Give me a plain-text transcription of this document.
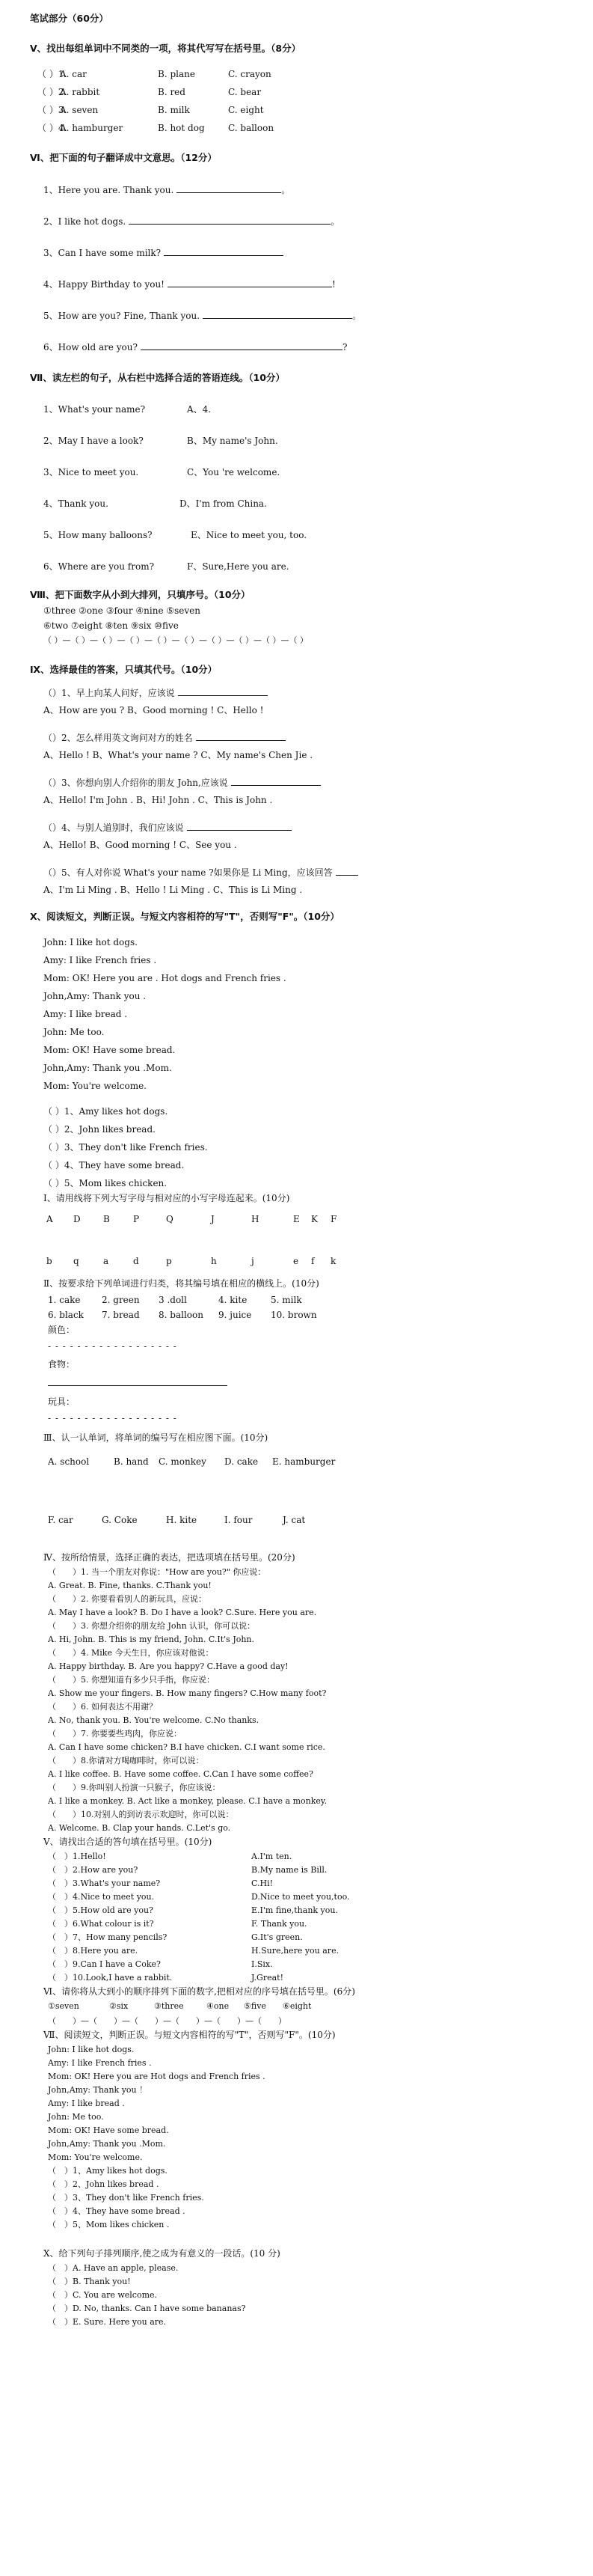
笔试部分（60分）
Ⅴ、找出每组单词中不同类的一项，将其代写写在括号里。（8分）
（ ）1.
A. car	B. plane	C. crayon
（ ）2.
A. rabbit	B. red	C. bear
（ ）3.
A. seven	B. milk	C. eight
（ ）4.
A. hamburger	B. hot dog	C. balloon
Ⅵ、把下面的句子翻译成中文意思。（12分）
1、Here you are. Thank you.	。
2、I like hot dogs.	。
3、Can I have some milk?
4、Happy Birthday to you!	!
5、How are you? Fine, Thank you.	。
6、How old are you?	?
Ⅶ、读左栏的句子，从右栏中选择合适的答语连线。（10分）
1、What's your name?	A、4.
2、May I have a look?	B、My name's John.
3、Nice to meet you.	C、You 're welcome.
4、Thank you.	D、I'm from China.
5、How many balloons?	E、Nice to meet you, too.
6、Where are you from?	F、Sure,Here you are.
Ⅷ、把下面数字从小到大排列，只填序号。（10分）
①three ②one ③four ④nine ⑤seven
⑥two ⑦eight ⑧ten ⑨six ⑩five
（ ）—（ ）—（ ）—（ ）—（ ）—（ ）—（ ）—（ ）—（ ）—（ ）
Ⅸ、选择最佳的答案，只填其代号。（10分）
（）1、早上向某人问好，应该说
A、How are you ? B、Good morning ! C、Hello !
（）2、怎么样用英文询问对方的姓名
A、Hello ! B、What's your name ? C、My name's Chen Jie .
（）3、你想向别人介绍你的朋友 John,应该说
A、Hello! I'm John . B、Hi! John . C、This is John .
（）4、与别人道别时，我们应该说
A、Hello! B、Good morning ! C、See you .
（）5、有人对你说 What's your name ?如果你是 Li Ming，应该回答
A、I'm Li Ming . B、Hello ! Li Ming . C、This is Li Ming .
Ⅹ、阅读短文，判断正误。与短文内容相符的写"T"，否则写"F"。（10分）
John: I like hot dogs.
Amy: I like French fries .
Mom: OK! Here you are . Hot dogs and French fries .
John,Amy: Thank you .
Amy: I like bread .
John: Me too.
Mom: OK! Have some bread.
John,Amy: Thank you .Mom.
Mom: You're welcome.
（ ）1、Amy likes hot dogs.
（ ）2、John likes bread.
（ ）3、They don't like French fries.
（ ）4、They have some bread.
（ ）5、Mom likes chicken.
Ⅰ、请用线将下列大写字母与相对应的小写字母连起来。(10分)
A D	B	P	Q	J	H	E K F
b q	a	d	p	h	j	e f k
Ⅱ、按要求给下列单词进行归类，将其编号填在相应的横线上。(10分)
1. cake 2. green 3 .doll	4. kite	5. milk
6. black 7. bread 8. balloon 9. juice 10. brown
颜色：
- - - - - - - - - - - - - - - - - -
食物：
玩具：
- - - - - - - - - - - - - - - - - -
Ⅲ、认一认单词，将单词的编号写在相应图下面。(10分)
A. school	B. hand C. monkey D. cake E. hamburger
F. car	G. Coke	H. kite	I. four	J. cat
Ⅳ、按所给情景，选择正确的表达，把选项填在括号里。(20分)
（　　）1. 当一个朋友对你说："How are you?" 你应说：
A. Great. B. Fine, thanks. C.Thank you!
（　　）2. 你要看看别人的新玩具，应说：
A. May I have a look? B. Do I have a look? C.Sure. Here you are.
（　　）3. 你想介绍你的朋友给 John 认识，你可以说：
A. Hi, John. B. This is my friend, John. C.It's John.
（　　）4. Mike 今天生日，你应该对他说：
A. Happy birthday. B. Are you happy? C.Have a good day!
（　　）5. 你想知道有多少只手指，你应说：
A. Show me your fingers. B. How many fingers? C.How many foot?
（　　）6. 如何表达不用谢？
A. No, thank you. B. You're welcome. C.No thanks.
（　　）7. 你要要些鸡肉，你应说：
A. Can I have some chicken? B.I have chicken. C.I want some rice.
（　　）8.你请对方喝咖啡时，你可以说：
A. I like coffee. B. Have some coffee. C.Can I have some coffee?
（　　）9.你叫别人扮演一只猴子，你应该说：
A. I like a monkey. B. Act like a monkey, please. C.I have a monkey.
（　　）10.对别人的到访表示欢迎时，你可以说：
A. Welcome. B. Clap your hands. C.Let's go.
Ⅴ、请找出合适的答句填在括号里。(10分)
（　）1.Hello!	A.I'm ten.
（　）2.How are you?	B.My name is Bill.
（　）3.What's your name?	C.Hi!
（　）4.Nice to meet you.	D.Nice to meet you,too.
（　）5.How old are you?	E.I'm fine,thank you.
（　）6.What colour is it?	F. Thank you.
（　）7、How many pencils?	G.It's green.
（　）8.Here you are.	H.Sure,here you are.
（　）9.Can I have a Coke?	I.Six.
（　）10.Look,I have a rabbit.	J.Great!
Ⅵ、请你将从大到小的顺序排列下面的数字,把相对应的序号填在括号里。(6分)
①seven	②six	③three	④one ⑤five ⑥eight
（　　）—（　　）—（　　）—（　　）—（　　）—（　　）
Ⅶ、阅读短文，判断正误。与短文内容相符的写"T"，否则写"F"。(10分)
John: I like hot dogs.
Amy: I like French fries .
Mom: OK! Here you are Hot dogs and French fries .
John,Amy: Thank you ！
Amy: I like bread .
John: Me too.
Mom: OK! Have some bread.
John,Amy: Thank you .Mom.
Mom: You're welcome.
（　）1、Amy likes hot dogs.
（　）2、John likes bread .
（　）3、They don't like French fries.
（　）4、They have some bread .
（　）5、Mom likes chicken .
Ⅹ、给下列句子排列顺序,使之成为有意义的一段话。(10 分)
（　）A. Have an apple, please.
（　）B. Thank you!
（　）C. You are welcome.
（　）D. No, thanks. Can I have some bananas?
（　）E. Sure. Here you are.
